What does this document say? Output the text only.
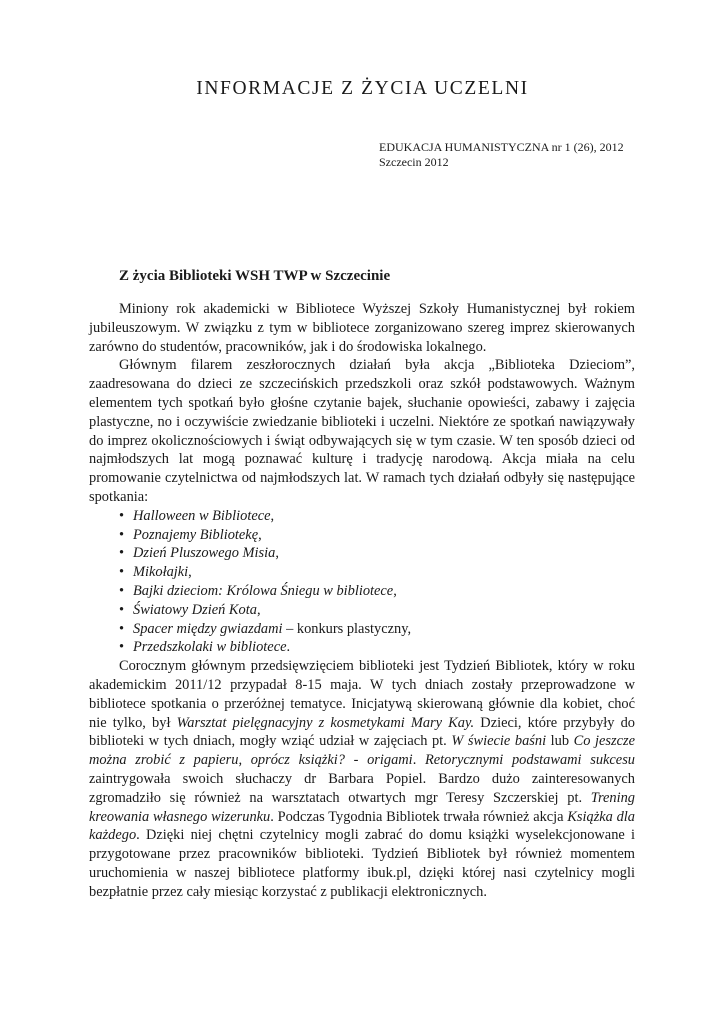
INFORMACJE Z ŻYCIA UCZELNI
EDUKACJA HUMANISTYCZNA nr 1 (26), 2012
Szczecin 2012
Z życia Biblioteki WSH TWP w Szczecinie

Miniony rok akademicki w Bibliotece Wyższej Szkoły Humanistycznej był rokiem jubileuszowym. W związku z tym w bibliotece zorganizowano szereg imprez skierowanych zarówno do studentów, pracowników, jak i do środowiska lokalnego.

Głównym filarem zeszłorocznych działań była akcja „Biblioteka Dzieciom”, zaadresowana do dzieci ze szczecińskich przedszkoli oraz szkół podstawowych. Ważnym elementem tych spotkań było głośne czytanie bajek, słuchanie opowieści, zabawy i zajęcia plastyczne, no i oczywiście zwiedzanie biblioteki i uczelni. Niektóre ze spotkań nawiązywały do imprez okolicznościowych i świąt odbywających się w tym czasie. W ten sposób dzieci od najmłodszych lat mogą poznawać kulturę i tradycję narodową. Akcja miała na celu promowanie czytelnictwa od najmłodszych lat. W ramach tych działań odbyły się następujące spotkania:

• Halloween w Bibliotece,
• Poznajemy Bibliotekę,
• Dzień Pluszowego Misia,
• Mikołajki,
• Bajki dzieciom: Królowa Śniegu w bibliotece,
• Światowy Dzień Kota,
• Spacer między gwiazdami – konkurs plastyczny,
• Przedszkolaki w bibliotece.

Corocznym głównym przedsięwzięciem biblioteki jest Tydzień Bibliotek, który w roku akademickim 2011/12 przypadał 8-15 maja. W tych dniach zostały przeprowadzone w bibliotece spotkania o przeróżnej tematyce. Inicjatywą skierowaną głównie dla kobiet, choć nie tylko, był Warsztat pielęgnacyjny z kosmetykami Mary Kay. Dzieci, które przybyły do biblioteki w tych dniach, mogły wziąć udział w zajęciach pt. W świecie baśni lub Co jeszcze można zrobić z papieru, oprócz książki? - origami. Retorycznymi podstawami sukcesu zaintrygowała swoich słuchaczy dr Barbara Popiel. Bardzo dużo zainteresowanych zgromadziło się również na warsztatach otwartych mgr Teresy Szczerskiej pt. Trening kreowania własnego wizerunku. Podczas Tygodnia Bibliotek trwała również akcja Książka dla każdego. Dzięki niej chętni czytelnicy mogli zabrać do domu książki wyselekcjonowane i przygotowane przez pracowników biblioteki. Tydzień Bibliotek był również momentem uruchomienia w naszej bibliotece platformy ibuk.pl, dzięki której nasi czytelnicy mogli bezpłatnie przez cały miesiąc korzystać z publikacji elektronicznych.
